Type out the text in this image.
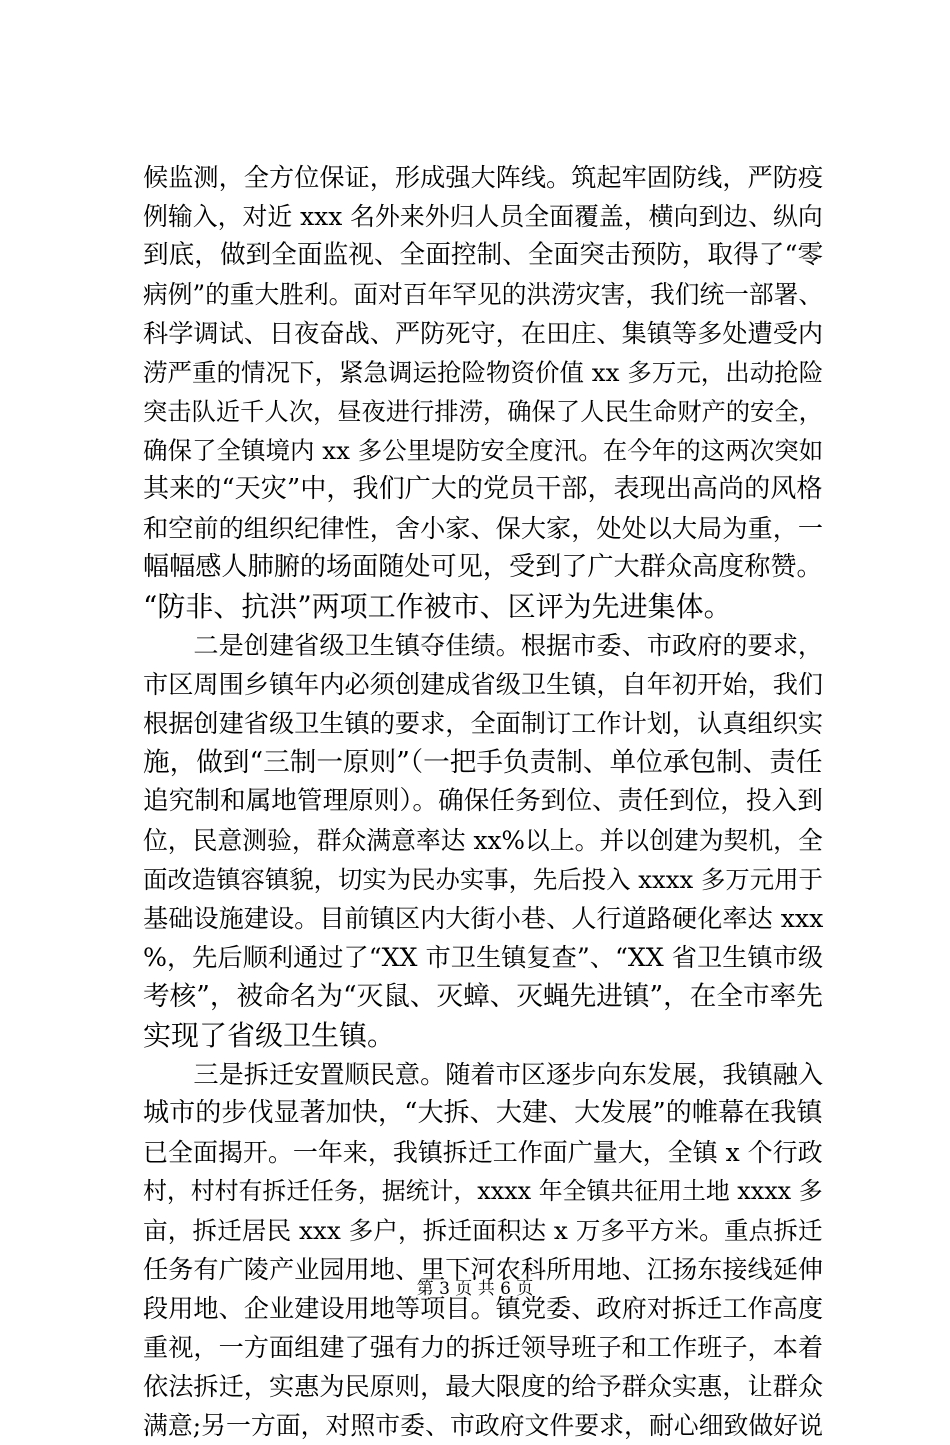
候监测，全方位保证，形成强大阵线。筑起牢固防线，严防疫
例输入，对近 xxx 名外来外归人员全面覆盖，横向到边、纵向
到底，做到全面监视、全面控制、全面突击预防，取得了“零
病例”的重大胜利。面对百年罕见的洪涝灾害，我们统一部署、
科学调试、日夜奋战、严防死守，在田庄、集镇等多处遭受内
涝严重的情况下，紧急调运抢险物资价值 xx 多万元，出动抢险
突击队近千人次，昼夜进行排涝，确保了人民生命财产的安全，
确保了全镇境内 xx 多公里堤防安全度汛。在今年的这两次突如
其来的“天灾”中，我们广大的党员干部，表现出高尚的风格
和空前的组织纪律性，舍小家、保大家，处处以大局为重，一
幅幅感人肺腑的场面随处可见，受到了广大群众高度称赞。
“防非、抗洪”两项工作被市、区评为先进集体。
　　二是创建省级卫生镇夺佳绩。根据市委、市政府的要求，
市区周围乡镇年内必须创建成省级卫生镇，自年初开始，我们
根据创建省级卫生镇的要求，全面制订工作计划，认真组织实
施，做到“三制一原则”（一把手负责制、单位承包制、责任
追究制和属地管理原则）。确保任务到位、责任到位，投入到
位，民意测验，群众满意率达 xx%以上。并以创建为契机，全
面改造镇容镇貌，切实为民办实事，先后投入 xxxx 多万元用于
基础设施建设。目前镇区内大街小巷、人行道路硬化率达 xxx
%，先后顺利通过了“XX 市卫生镇复查”、“XX 省卫生镇市级
考核”，被命名为“灭鼠、灭蟑、灭蝇先进镇”，在全市率先
实现了省级卫生镇。
　　三是拆迁安置顺民意。随着市区逐步向东发展，我镇融入
城市的步伐显著加快，“大拆、大建、大发展”的帷幕在我镇
已全面揭开。一年来，我镇拆迁工作面广量大，全镇 x 个行政
村，村村有拆迁任务，据统计，xxxx 年全镇共征用土地 xxxx 多
亩，拆迁居民 xxx 多户，拆迁面积达 x 万多平方米。重点拆迁
任务有广陵产业园用地、里下河农科所用地、江扬东接线延伸
段用地、企业建设用地等项目。镇党委、政府对拆迁工作高度
重视，一方面组建了强有力的拆迁领导班子和工作班子，本着
依法拆迁，实惠为民原则，最大限度的给予群众实惠，让群众
满意;另一方面，对照市委、市政府文件要求，耐心细致做好说
第 3 页 共 6 页
